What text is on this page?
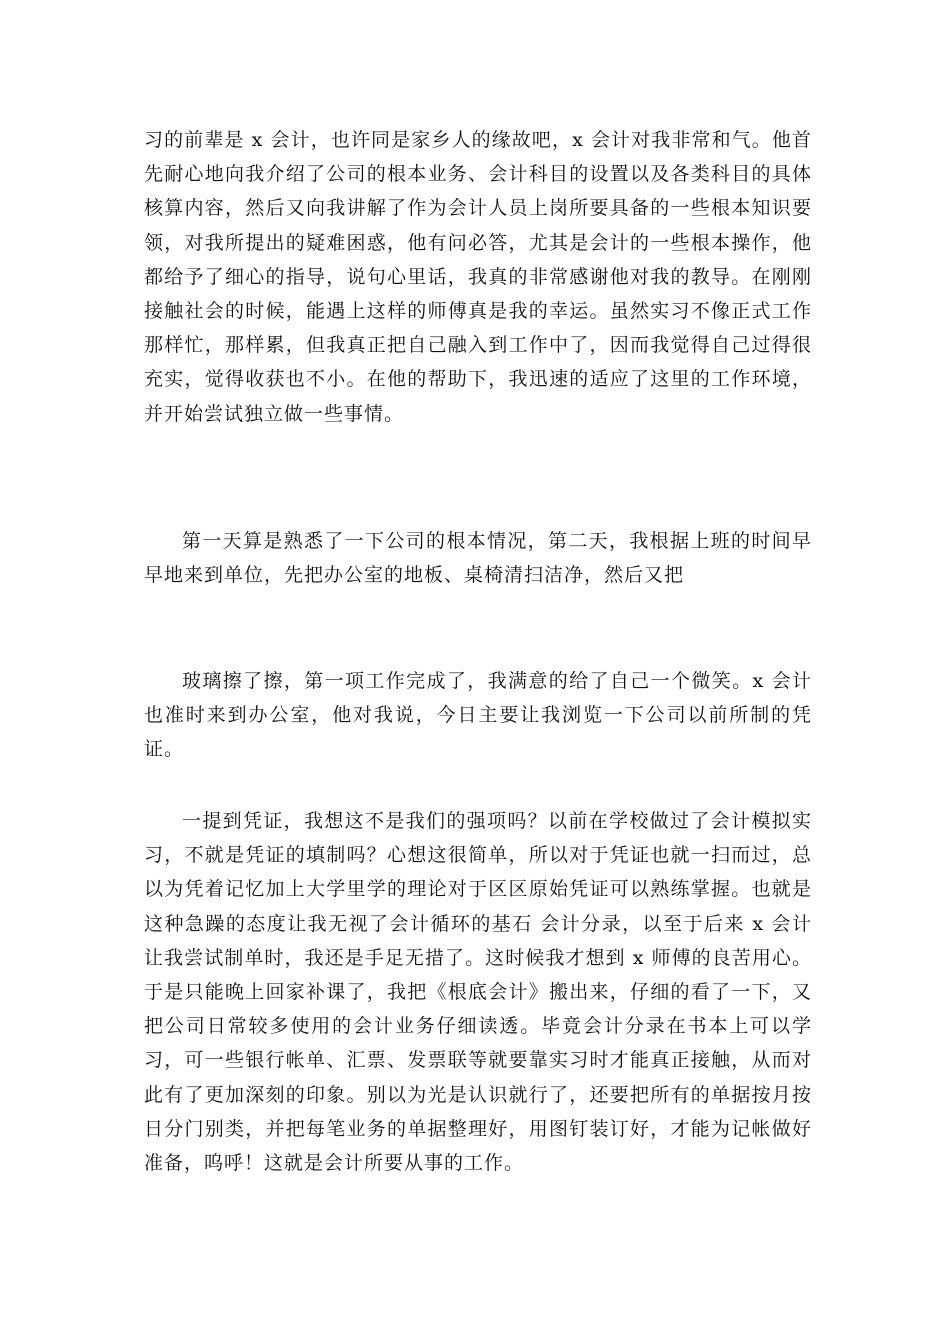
习的前辈是 x 会计，也许同是家乡人的缘故吧，x 会计对我非常和气。他首先耐心地向我介绍了公司的根本业务、会计科目的设置以及各类科目的具体核算内容，然后又向我讲解了作为会计人员上岗所要具备的一些根本知识要领，对我所提出的疑难困惑，他有问必答，尤其是会计的一些根本操作，他都给予了细心的指导，说句心里话，我真的非常感谢他对我的教导。在刚刚接触社会的时候，能遇上这样的师傅真是我的幸运。虽然实习不像正式工作那样忙，那样累，但我真正把自己融入到工作中了，因而我觉得自己过得很充实，觉得收获也不小。在他的帮助下，我迅速的适应了这里的工作环境，并开始尝试独立做一些事情。

第一天算是熟悉了一下公司的根本情况，第二天，我根据上班的时间早早地来到单位，先把办公室的地板、桌椅清扫洁净，然后又把

玻璃擦了擦，第一项工作完成了，我满意的给了自己一个微笑。x 会计也准时来到办公室，他对我说，今日主要让我浏览一下公司以前所制的凭证。

一提到凭证，我想这不是我们的强项吗？以前在学校做过了会计模拟实习，不就是凭证的填制吗？心想这很简单，所以对于凭证也就一扫而过，总以为凭着记忆加上大学里学的理论对于区区原始凭证可以熟练掌握。也就是这种急躁的态度让我无视了会计循环的基石 会计分录，以至于后来 x 会计让我尝试制单时，我还是手足无措了。这时候我才想到 x 师傅的良苦用心。于是只能晚上回家补课了，我把《根底会计》搬出来，仔细的看了一下，又把公司日常较多使用的会计业务仔细读透。毕竟会计分录在书本上可以学习，可一些银行帐单、汇票、发票联等就要靠实习时才能真正接触，从而对此有了更加深刻的印象。别以为光是认识就行了，还要把所有的单据按月按日分门别类，并把每笔业务的单据整理好，用图钉装订好，才能为记帐做好准备，呜呼！这就是会计所要从事的工作。
